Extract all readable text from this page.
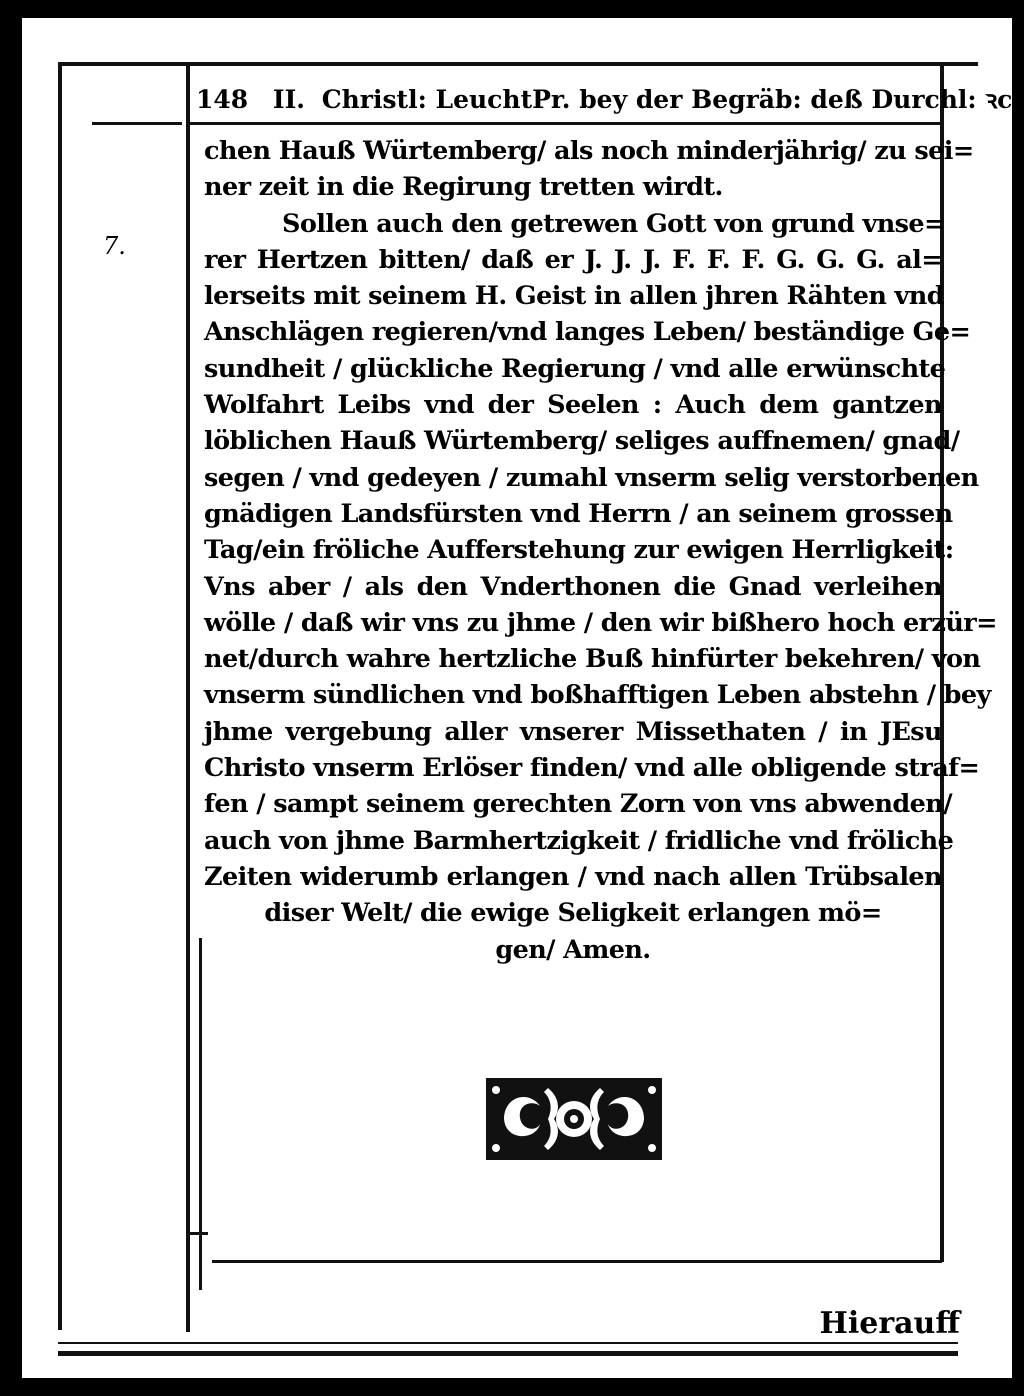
148 II. Christl: LeuchtPr. bey der Begräb: deß Durchl: ꝛc.
7.
chen Hauß Würtemberg/ als noch minderjährig/ zu sei=
ner zeit in die Regirung tretten wirdt.
Sollen auch den getrewen Gott von grund vnse=
rer Hertzen bitten/ daß er J. J. J. F. F. F. G. G. G. al=
lerseits mit seinem H. Geist in allen jhren Rähten vnd
Anschlägen regieren/vnd langes Leben/ beständige Ge=
sundheit / glückliche Regierung / vnd alle erwünschte
Wolfahrt Leibs vnd der Seelen : Auch dem gantzen
löblichen Hauß Würtemberg/ seliges auffnemen/ gnad/
segen / vnd gedeyen / zumahl vnserm selig verstorbenen
gnädigen Landsfürsten vnd Herrn / an seinem grossen
Tag/ein fröliche Aufferstehung zur ewigen Herrligkeit:
Vns aber / als den Vnderthonen die Gnad verleihen
wölle / daß wir vns zu jhme / den wir bißhero hoch erzür=
net/durch wahre hertzliche Buß hinfürter bekehren/ von
vnserm sündlichen vnd boßhafftigen Leben abstehn / bey
jhme vergebung aller vnserer Missethaten / in JEsu
Christo vnserm Erlöser finden/ vnd alle obligende straf=
fen / sampt seinem gerechten Zorn von vns abwenden/
auch von jhme Barmhertzigkeit / fridliche vnd fröliche
Zeiten widerumb erlangen / vnd nach allen Trübsalen
diser Welt/ die ewige Seligkeit erlangen mö=
gen/ Amen.
Hierauff
